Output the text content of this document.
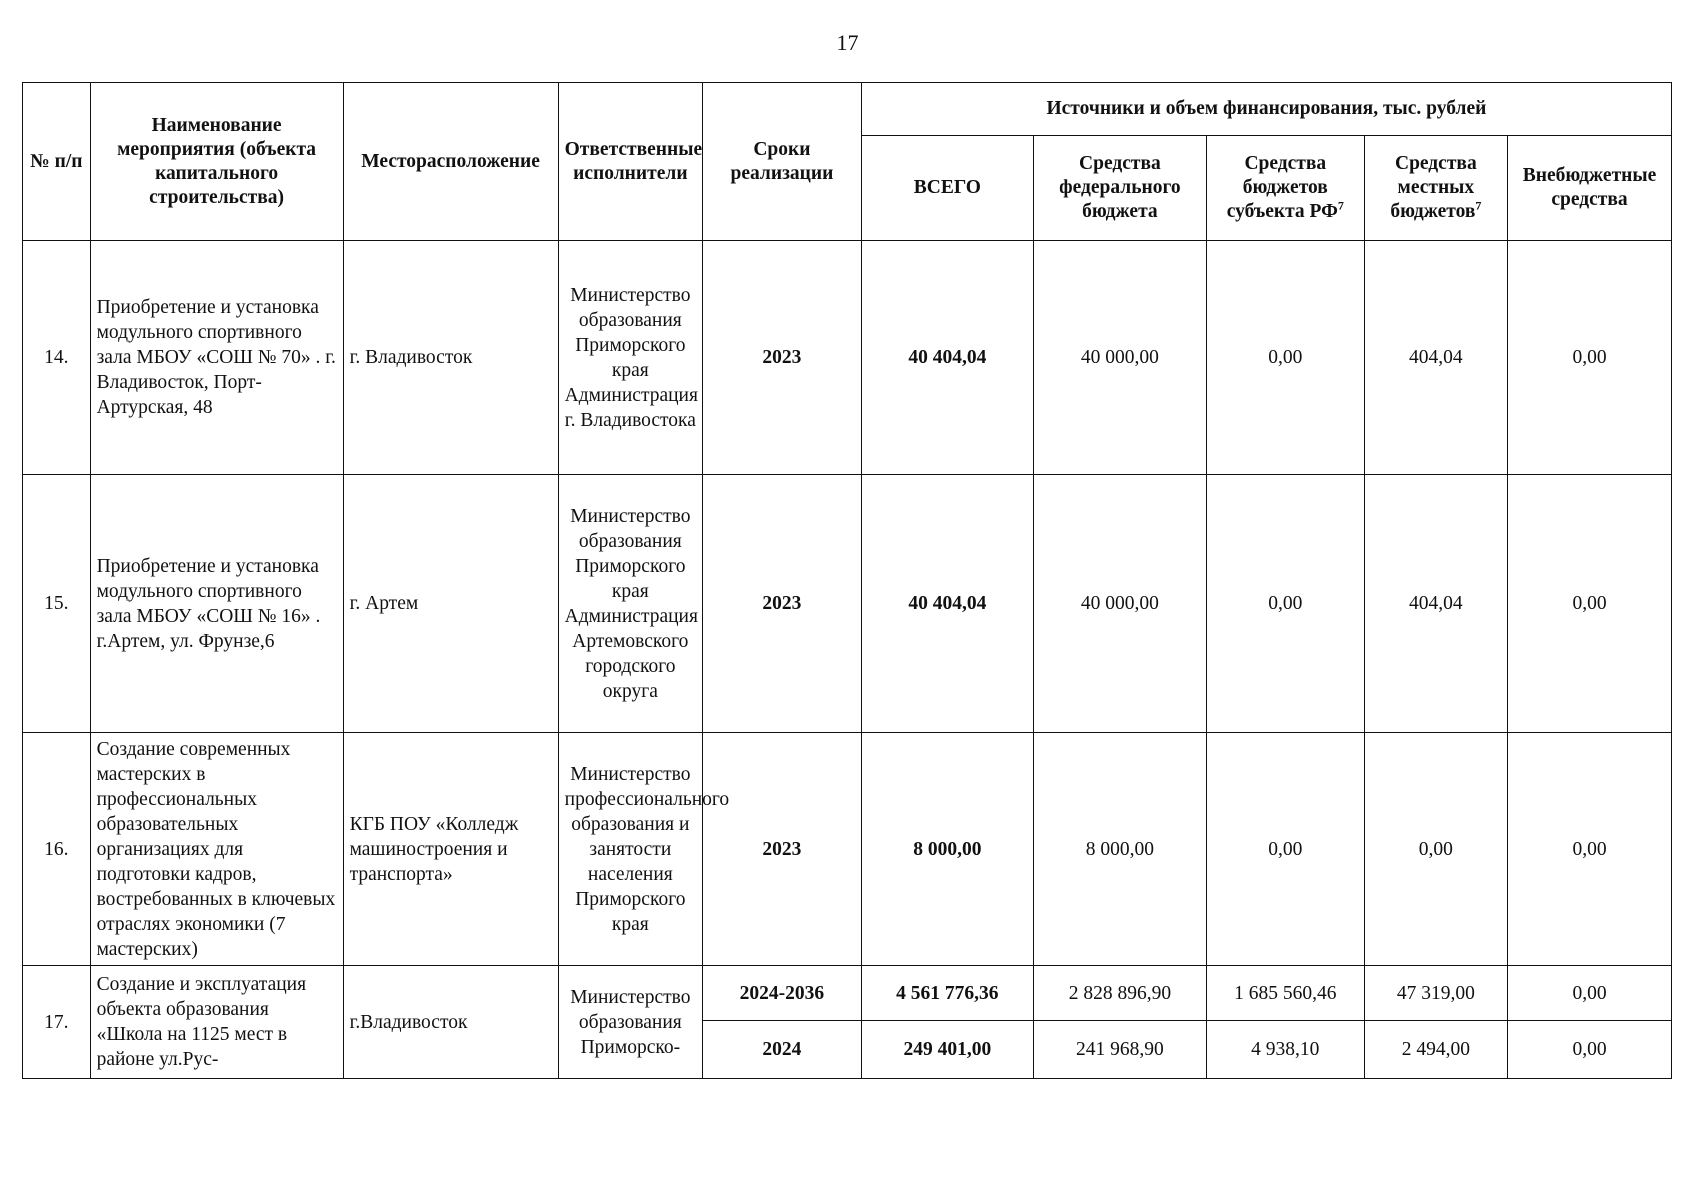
17
№ п/п	Наименование мероприятия (объекта капитального строительства)	Месторасположение	Ответственные исполнители	Сроки реализации	Источники и объем финансирования, тыс. рублей				
					ВСЕГО	Средства федерального бюджета	Средства бюджетов субъекта $РФ^7$	Средства местных бюджетов$^7$	Внебюджетные средства
14.	Приобретение и установка модульного спортивного зала МБОУ «СОШ № 70» . г. Владивосток, Порт-Артурская, 48	г. Владивосток	Министерство образования Приморского края Администрация г. Владивостока	2023	40 404,04	40 000,00	0,00	404,04	0,00
15.	Приобретение и установка модульного спортивного зала МБОУ «СОШ № 16» . г.Артем, ул. Фрунзе,6	г. Артем	Министерство образования Приморского края Администрация Артемовского городского округа	2023	40 404,04	40 000,00	0,00	404,04	0,00
16.	Создание современных мастерских в профессиональных образовательных организациях для подготовки кадров, востребованных в ключевых отраслях экономики (7 мастерских)	КГБ ПОУ «Колледж машиностроения и транспорта»	Министерство профессионального образования и занятости населения Приморского края	2023	8 000,00	8 000,00	0,00	0,00	0,00
17.	Создание и эксплуатация объекта образования «Школа на 1125 мест в районе ул.Рус-	г.Владивосток	Министерство образования Приморско-	2024-2036	4 561 776,36	2 828 896,90	1 685 560,46	47 319,00	0,00
				2024	249 401,00	241 968,90	4 938,10	2 494,00	0,00
